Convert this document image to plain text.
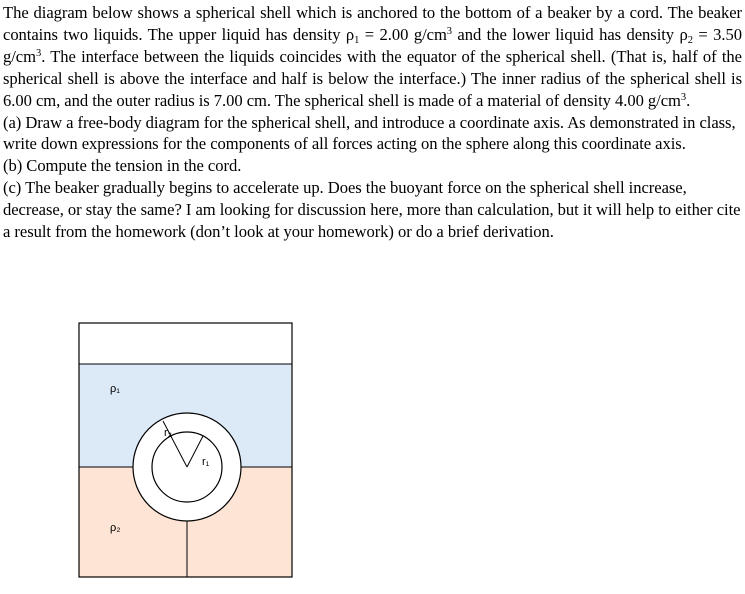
The diagram below shows a spherical shell which is anchored to the bottom of a beaker by a cord. The beaker contains two liquids. The upper liquid has density $\rho_1 = 2.00$ $g/cm^3$ and the lower liquid has density $\rho_2 = 3.50$ $g/cm^3$. The interface between the liquids coincides with the equator of the spherical shell. (That is, half of the spherical shell is above the interface and half is below the interface.) The inner radius of the spherical shell is 6.00 cm, and the outer radius is 7.00 cm. The spherical shell is made of a material of density 4.00 $g/cm^3$.

(a) Draw a free-body diagram for the spherical shell, and introduce a coordinate axis. As demonstrated in class, write down expressions for the components of all forces acting on the sphere along this coordinate axis.

(b) Compute the tension in the cord.

(c) The beaker gradually begins to accelerate up. Does the buoyant force on the spherical shell increase, decrease, or stay the same? I am looking for discussion here, more than calculation, but it will help to either cite a result from the homework (don’t look at your homework) or do a brief derivation.

ρ₁
ρ₂
r₂
r₁
